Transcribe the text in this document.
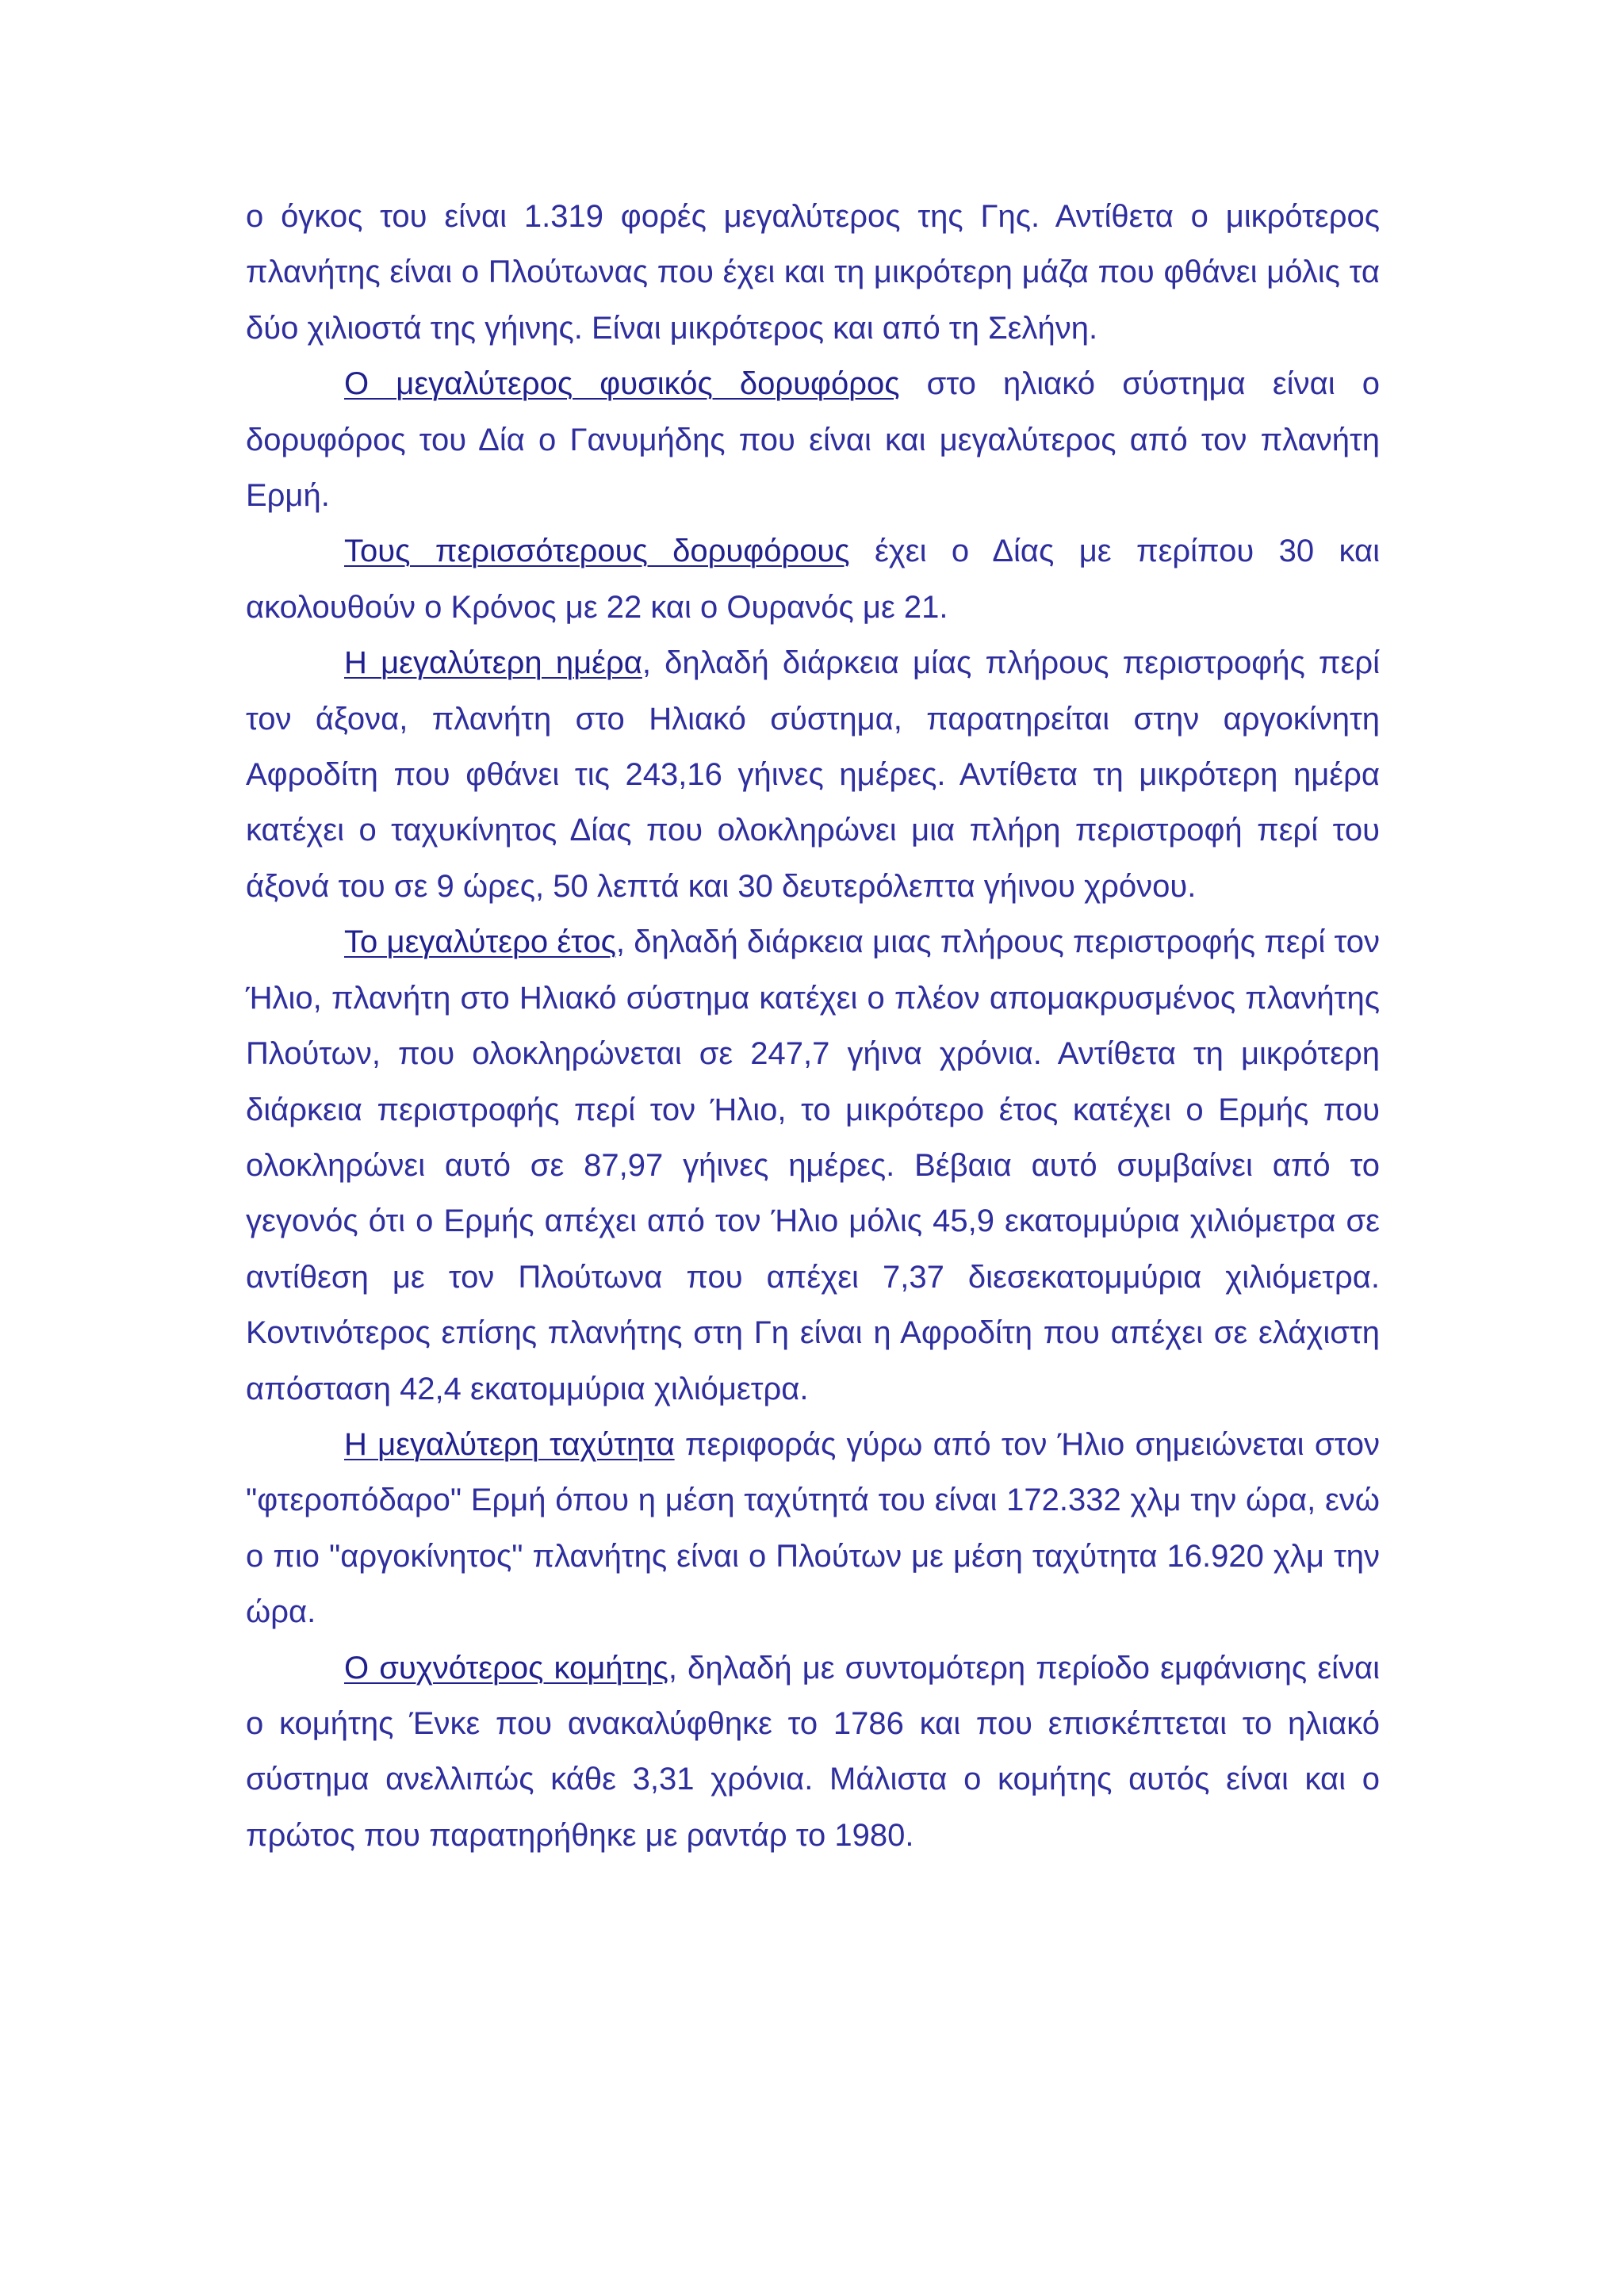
ο όγκος του είναι 1.319 φορές μεγαλύτερος της Γης. Αντίθετα ο μικρότερος πλανήτης είναι ο Πλούτωνας που έχει και τη μικρότερη μάζα που φθάνει μόλις τα δύο χιλιοστά της γήινης. Είναι μικρότερος και από τη Σελήνη.

Ο μεγαλύτερος φυσικός δορυφόρος στο ηλιακό σύστημα είναι ο δορυφόρος του Δία ο Γανυμήδης που είναι και μεγαλύτερος από τον πλανήτη Ερμή.

Τους περισσότερους δορυφόρους έχει ο Δίας με περίπου 30 και ακολουθούν ο Κρόνος με 22 και ο Ουρανός με 21.

Η μεγαλύτερη ημέρα, δηλαδή διάρκεια μίας πλήρους περιστροφής περί τον άξονα, πλανήτη στο Ηλιακό σύστημα, παρατηρείται στην αργοκίνητη Αφροδίτη που φθάνει τις 243,16 γήινες ημέρες. Αντίθετα τη μικρότερη ημέρα κατέχει ο ταχυκίνητος Δίας που ολοκληρώνει μια πλήρη περιστροφή περί του άξονά του σε 9 ώρες, 50 λεπτά και 30 δευτερόλεπτα γήινου χρόνου.

Το μεγαλύτερο έτος, δηλαδή διάρκεια μιας πλήρους περιστροφής περί τον Ήλιο, πλανήτη στο Ηλιακό σύστημα κατέχει ο πλέον απομακρυσμένος πλανήτης Πλούτων, που ολοκληρώνεται σε 247,7 γήινα χρόνια. Αντίθετα τη μικρότερη διάρκεια περιστροφής περί τον Ήλιο, το μικρότερο έτος κατέχει ο Ερμής που ολοκληρώνει αυτό σε 87,97 γήινες ημέρες. Βέβαια αυτό συμβαίνει από το γεγονός ότι ο Ερμής απέχει από τον Ήλιο μόλις 45,9 εκατομμύρια χιλιόμετρα σε αντίθεση με τον Πλούτωνα που απέχει 7,37 διεσεκατομμύρια χιλιόμετρα. Κοντινότερος επίσης πλανήτης στη Γη είναι η Αφροδίτη που απέχει σε ελάχιστη απόσταση 42,4 εκατομμύρια χιλιόμετρα.

Η μεγαλύτερη ταχύτητα περιφοράς γύρω από τον Ήλιο σημειώνεται στον "φτεροπόδαρο" Ερμή όπου η μέση ταχύτητά του είναι 172.332 χλμ την ώρα, ενώ ο πιο "αργοκίνητος" πλανήτης είναι ο Πλούτων με μέση ταχύτητα 16.920 χλμ την ώρα.

Ο συχνότερος κομήτης, δηλαδή με συντομότερη περίοδο εμφάνισης είναι ο κομήτης Ένκε που ανακαλύφθηκε το 1786 και που επισκέπτεται το ηλιακό σύστημα ανελλιπώς κάθε 3,31 χρόνια. Μάλιστα ο κομήτης αυτός είναι και ο πρώτος που παρατηρήθηκε με ραντάρ το 1980.
